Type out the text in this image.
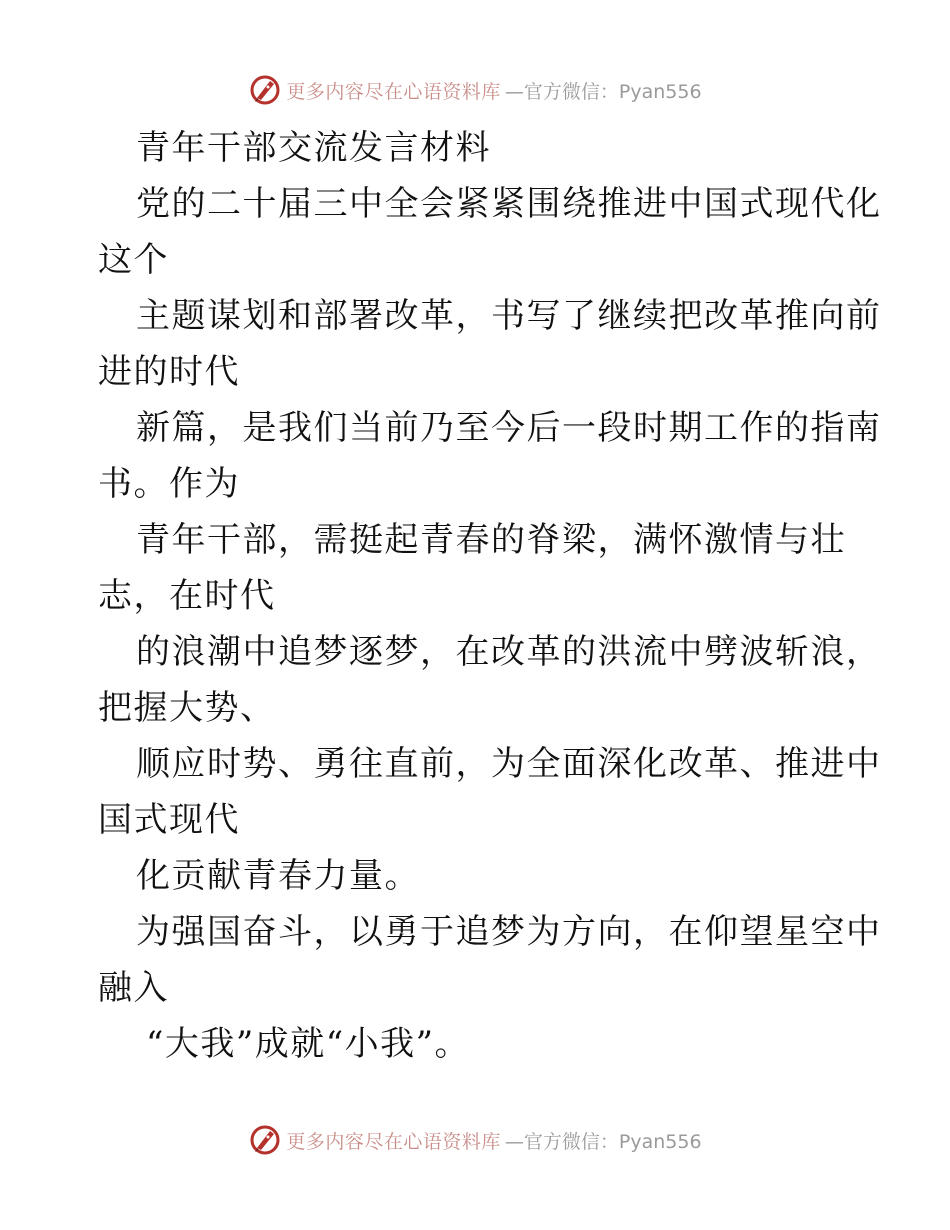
更多内容尽在心语资料库 —官方微信：Pyan556
青年干部交流发言材料
党的二十届三中全会紧紧围绕推进中国式现代化
这个
主题谋划和部署改革，书写了继续把改革推向前
进的时代
新篇，是我们当前乃至今后一段时期工作的指南
书。作为
青年干部，需挺起青春的脊梁，满怀激情与壮
志，在时代
的浪潮中追梦逐梦，在改革的洪流中劈波斩浪，
把握大势、
顺应时势、勇往直前，为全面深化改革、推进中
国式现代
化贡献青春力量。
为强国奋斗，以勇于追梦为方向，在仰望星空中
融入
“大我”成就“小我”。
更多内容尽在心语资料库 —官方微信：Pyan556
